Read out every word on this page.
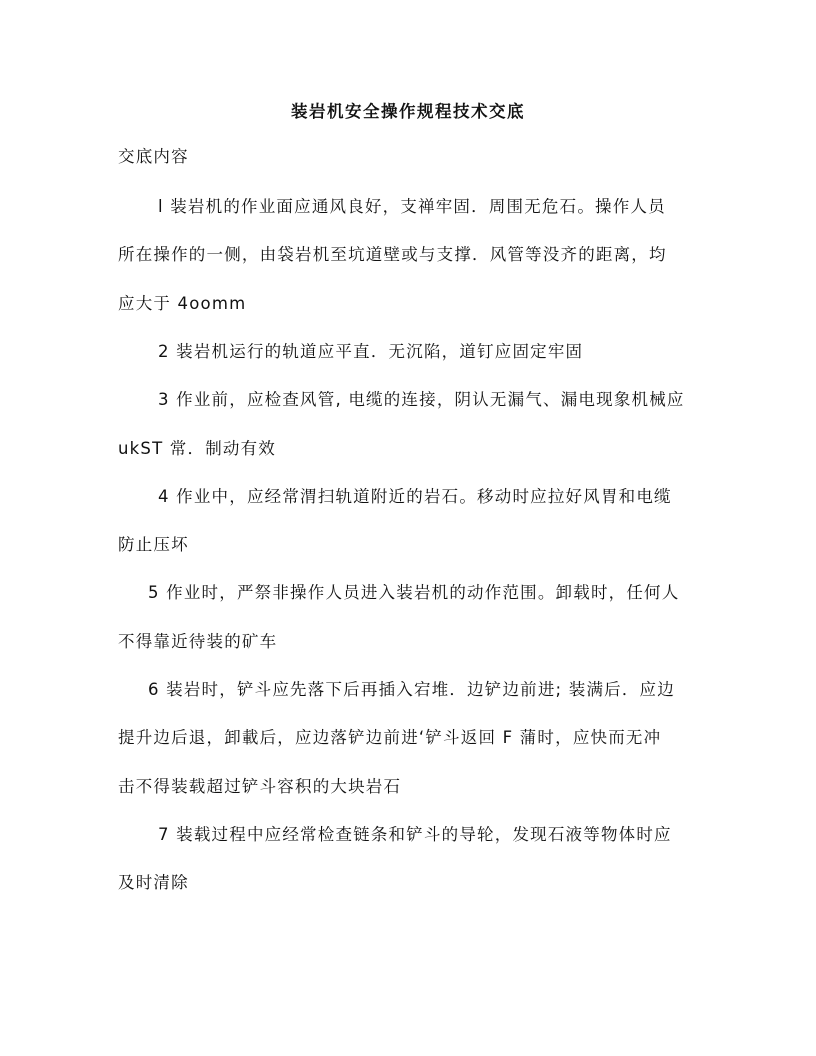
装岩机安全操作规程技术交底
交底内容
l 装岩机的作业面应通风良好，支禅牢固．周围无危石。操作人员
所在操作的一侧，由袋岩机至坑道壁或与支撑．风管等没齐的距离，均
应大于 4oomm
2 装岩机运行的轨道应平直．无沉陷，道钉应固定牢固
3 作业前，应检查风管, 电缆的连接，阴认无漏气、漏电现象机械应
ukST 常．制动有效
4 作业中，应经常渭扫轨道附近的岩石。移动时应拉好风胃和电缆
防止压坏
5 作业时，严祭非操作人员进入装岩机的动作范围。卸载时，任何人
不得靠近待装的矿车
6 装岩时，铲斗应先落下后再插入宕堆．边铲边前进; 装满后．应边
提升边后退，卸載后，应边落铲边前进‘铲斗返回 F 蒲时，应快而无冲
击不得装载超过铲斗容积的大块岩石
7 装载过程中应经常检查链条和铲斗的导轮，发现石液等物体时应
及时清除
